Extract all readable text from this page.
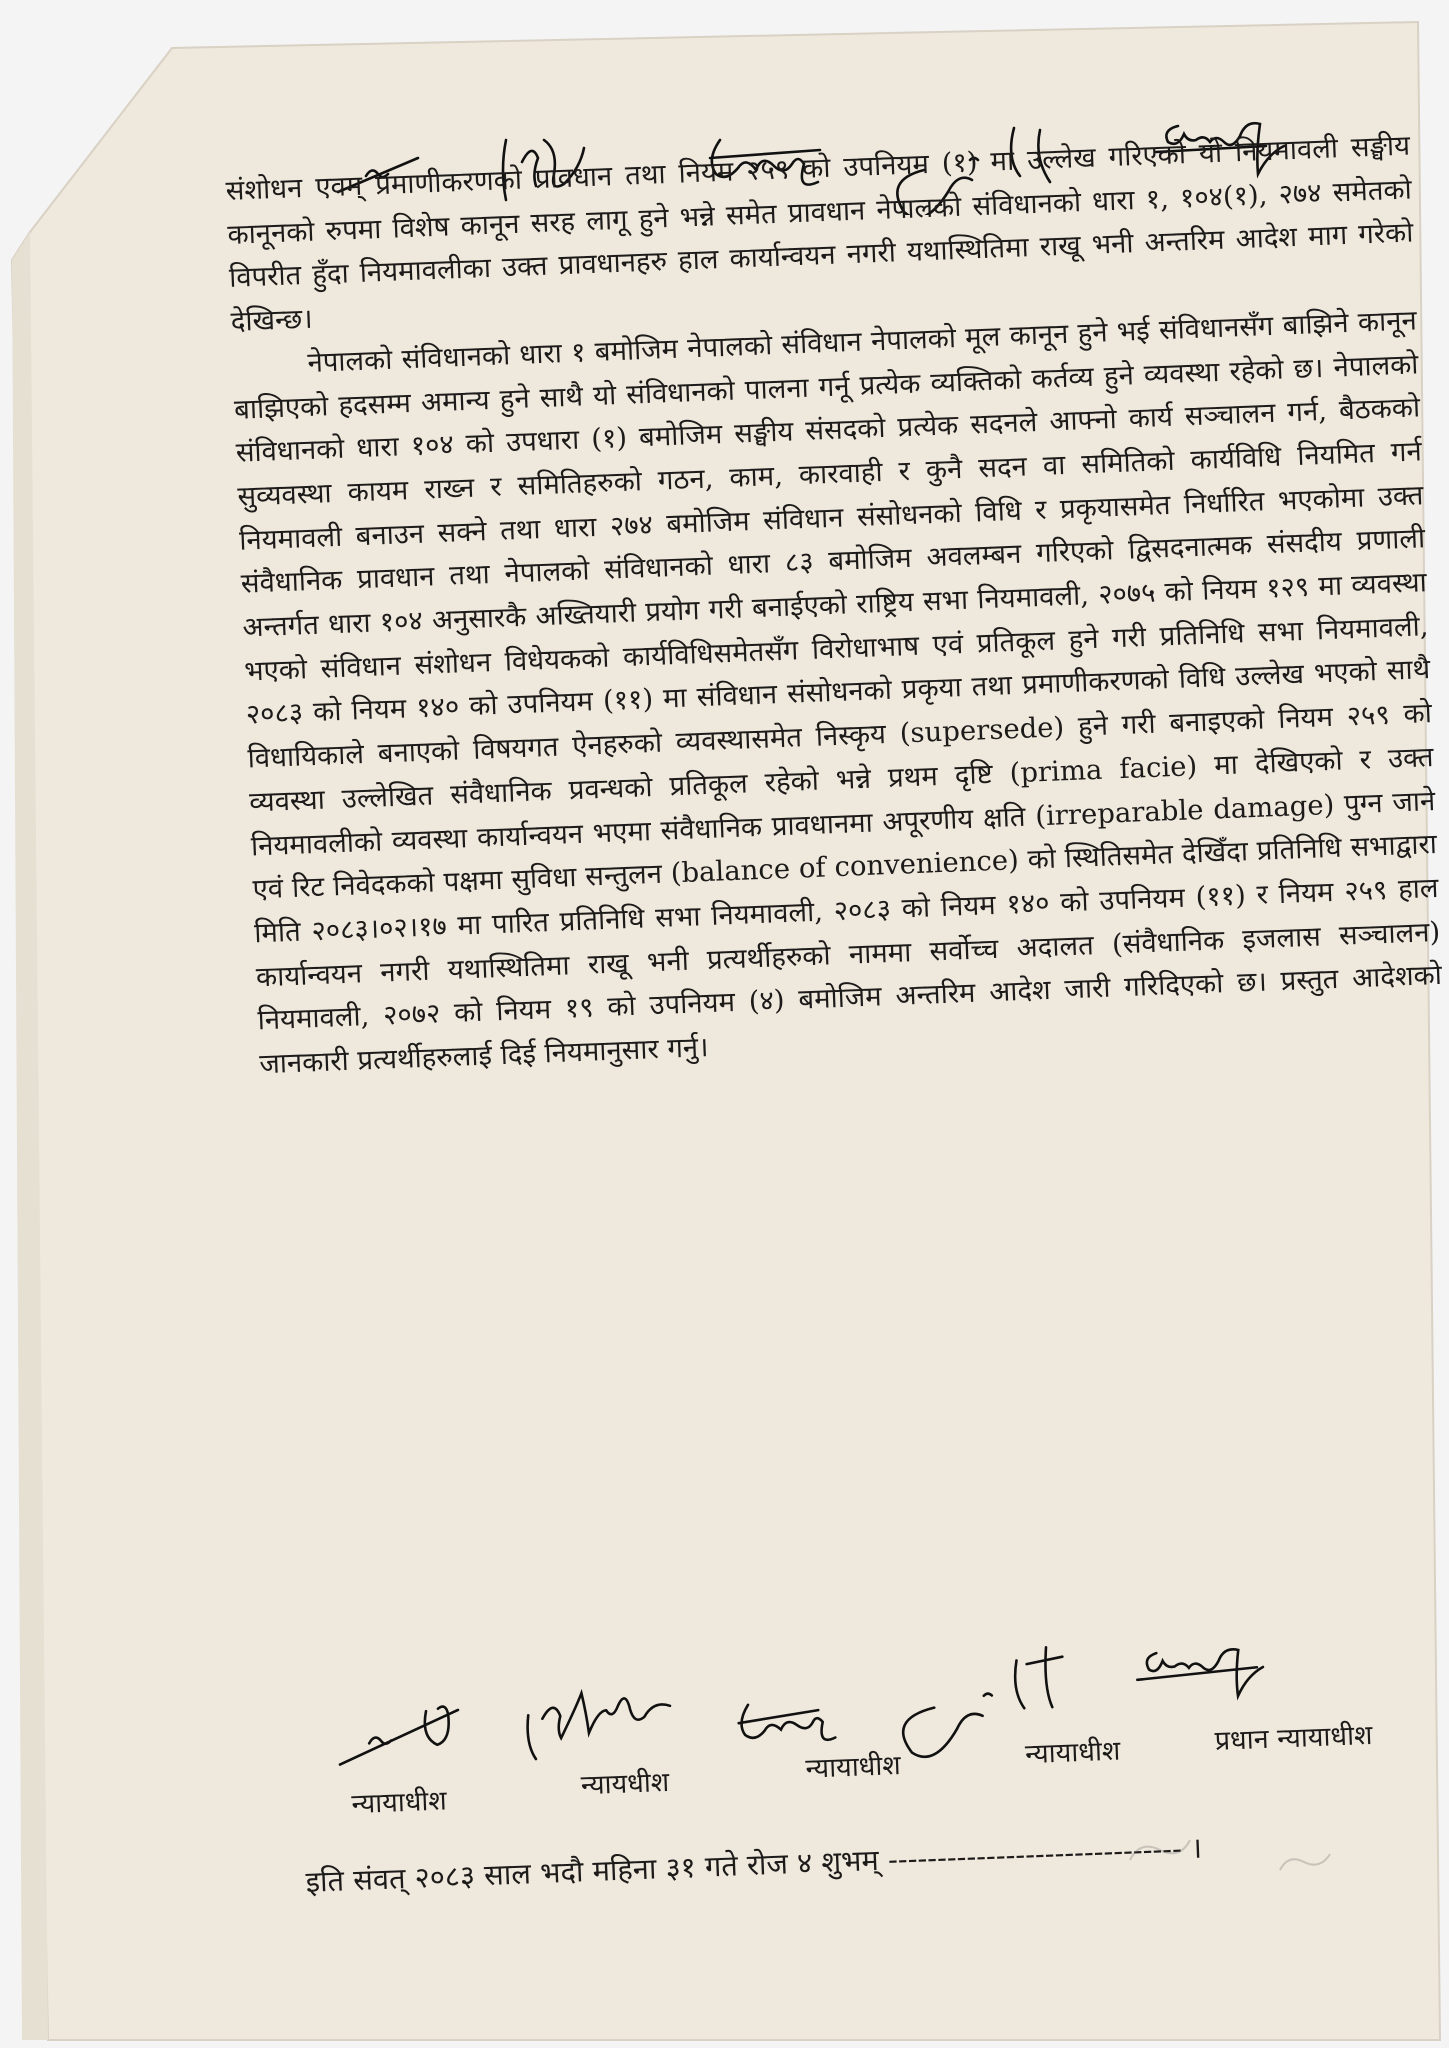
संशोधन एवम् प्रमाणीकरणको प्रावधान तथा नियम २५९ को उपनियम (१) मा उल्लेख गरिएको यो नियमावली सङ्घीय कानूनको रुपमा विशेष कानून सरह लागू हुने भन्ने समेत प्रावधान नेपालको संविधानको धारा १, १०४(१), २७४ समेतको विपरीत हुँदा नियमावलीका उक्त प्रावधानहरु हाल कार्यान्वयन नगरी यथास्थितिमा राखू भनी अन्तरिम आदेश माग गरेको देखिन्छ।

नेपालको संविधानको धारा १ बमोजिम नेपालको संविधान नेपालको मूल कानून हुने भई संविधानसँग बाझिने कानून बाझिएको हदसम्म अमान्य हुने साथै यो संविधानको पालना गर्नू प्रत्येक व्यक्तिको कर्तव्य हुने व्यवस्था रहेको छ। नेपालको संविधानको धारा १०४ को उपधारा (१) बमोजिम सङ्घीय संसदको प्रत्येक सदनले आफ्नो कार्य सञ्चालन गर्न, बैठकको सुव्यवस्था कायम राख्न र समितिहरुको गठन, काम, कारवाही र कुनै सदन वा समितिको कार्यविधि नियमित गर्न नियमावली बनाउन सक्ने तथा धारा २७४ बमोजिम संविधान संसोधनको विधि र प्रकृयासमेत निर्धारित भएकोमा उक्त संवैधानिक प्रावधान तथा नेपालको संविधानको धारा ८३ बमोजिम अवलम्बन गरिएको द्विसदनात्मक संसदीय प्रणाली अन्तर्गत धारा १०४ अनुसारकै अख्तियारी प्रयोग गरी बनाईएको राष्ट्रिय सभा नियमावली, २०७५ को नियम १२९ मा व्यवस्था भएको संविधान संशोधन विधेयकको कार्यविधिसमेतसँग विरोधाभाष एवं प्रतिकूल हुने गरी प्रतिनिधि सभा नियमावली, २०८३ को नियम १४० को उपनियम (११) मा संविधान संसोधनको प्रकृया तथा प्रमाणीकरणको विधि उल्लेख भएको साथै विधायिकाले बनाएको विषयगत ऐनहरुको व्यवस्थासमेत निस्कृय (supersede) हुने गरी बनाइएको नियम २५९ को व्यवस्था उल्लेखित संवैधानिक प्रवन्धको प्रतिकूल रहेको भन्ने प्रथम दृष्टि (prima facie) मा देखिएको र उक्त नियमावलीको व्यवस्था कार्यान्वयन भएमा संवैधानिक प्रावधानमा अपूरणीय क्षति (irreparable damage) पुग्न जाने एवं रिट निवेदकको पक्षमा सुविधा सन्तुलन (balance of convenience) को स्थितिसमेत देखिँदा प्रतिनिधि सभाद्वारा मिति २०८३।०२।१७ मा पारित प्रतिनिधि सभा नियमावली, २०८३ को नियम १४० को उपनियम (११) र नियम २५९ हाल कार्यान्वयन नगरी यथास्थितिमा राखू भनी प्रत्यर्थीहरुको नाममा सर्वोच्च अदालत (संवैधानिक इजलास सञ्चालन) नियमावली, २०७२ को नियम १९ को उपनियम (४) बमोजिम अन्तरिम आदेश जारी गरिदिएको छ। प्रस्तुत आदेशको जानकारी प्रत्यर्थीहरुलाई दिई नियमानुसार गर्नु।

न्यायाधीश
न्यायधीश	न्यायाधीश	न्यायाधीश	प्रधान न्यायाधीश
इति संवत् २०८३ साल भदौ महिना ३१ गते रोज ४ शुभम् ------------------------------ ।
